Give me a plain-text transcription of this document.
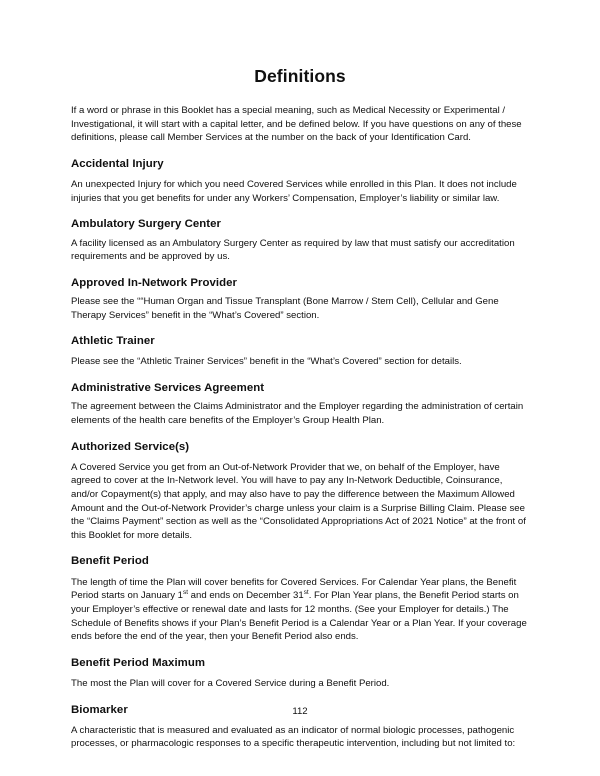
Definitions

If a word or phrase in this Booklet has a special meaning, such as Medical Necessity or Experimental / Investigational, it will start with a capital letter, and be defined below. If you have questions on any of these definitions, please call Member Services at the number on the back of your Identification Card.

Accidental Injury

An unexpected Injury for which you need Covered Services while enrolled in this Plan. It does not include injuries that you get benefits for under any Workers’ Compensation, Employer’s liability or similar law.

Ambulatory Surgery Center

A facility licensed as an Ambulatory Surgery Center as required by law that must satisfy our accreditation requirements and be approved by us.

Approved In-Network Provider

Please see the ““Human Organ and Tissue Transplant (Bone Marrow / Stem Cell), Cellular and Gene Therapy Services” benefit in the “What’s Covered” section.

Athletic Trainer

Please see the “Athletic Trainer Services” benefit in the “What’s Covered” section for details.

Administrative Services Agreement

The agreement between the Claims Administrator and the Employer regarding the administration of certain elements of the health care benefits of the Employer’s Group Health Plan.

Authorized Service(s)

A Covered Service you get from an Out-of-Network Provider that we, on behalf of the Employer, have agreed to cover at the In-Network level. You will have to pay any In-Network Deductible, Coinsurance, and/or Copayment(s) that apply, and may also have to pay the difference between the Maximum Allowed Amount and the Out-of-Network Provider’s charge unless your claim is a Surprise Billing Claim. Please see the “Claims Payment” section as well as the “Consolidated Appropriations Act of 2021 Notice” at the front of this Booklet for more details.

Benefit Period

The length of time the Plan will cover benefits for Covered Services. For Calendar Year plans, the Benefit Period starts on January 1st and ends on December 31st. For Plan Year plans, the Benefit Period starts on your Employer’s effective or renewal date and lasts for 12 months. (See your Employer for details.) The Schedule of Benefits shows if your Plan’s Benefit Period is a Calendar Year or a Plan Year. If your coverage ends before the end of the year, then your Benefit Period also ends.

Benefit Period Maximum

The most the Plan will cover for a Covered Service during a Benefit Period.

Biomarker

A characteristic that is measured and evaluated as an indicator of normal biologic processes, pathogenic processes, or pharmacologic responses to a specific therapeutic intervention, including but not limited to:

112
